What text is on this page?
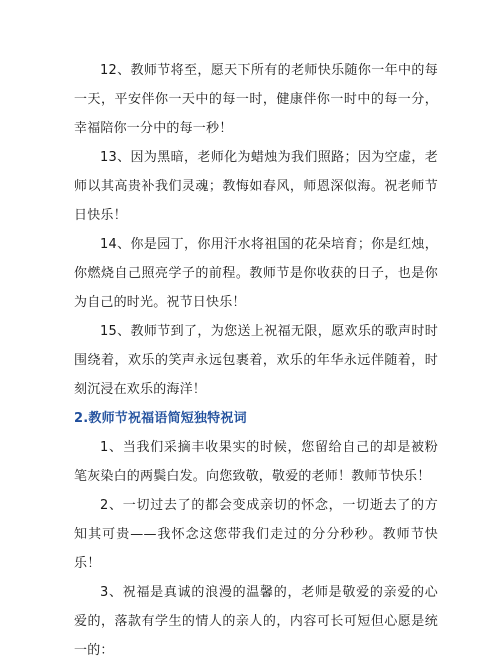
12、教师节将至，愿天下所有的老师快乐随你一年中的每一天，平安伴你一天中的每一时，健康伴你一时中的每一分，幸福陪你一分中的每一秒！

13、因为黑暗，老师化为蜡烛为我们照路；因为空虚，老师以其高贵补我们灵魂；教悔如春风，师恩深似海。祝老师节日快乐！

14、你是园丁，你用汗水将祖国的花朵培育；你是红烛，你燃烧自己照亮学子的前程。教师节是你收获的日子，也是你为自己的时光。祝节日快乐！

15、教师节到了，为您送上祝福无限，愿欢乐的歌声时时围绕着，欢乐的笑声永远包裹着，欢乐的年华永远伴随着，时刻沉浸在欢乐的海洋！

2.教师节祝福语简短独特祝词

1、当我们采摘丰收果实的时候，您留给自己的却是被粉笔灰染白的两鬓白发。向您致敬，敬爱的老师！教师节快乐！

2、一切过去了的都会变成亲切的怀念，一切逝去了的方知其可贵——我怀念这您带我们走过的分分秒秒。教师节快乐！

3、祝福是真诚的浪漫的温馨的，老师是敬爱的亲爱的心爱的，落款有学生的情人的亲人的，内容可长可短但心愿是统一的：
